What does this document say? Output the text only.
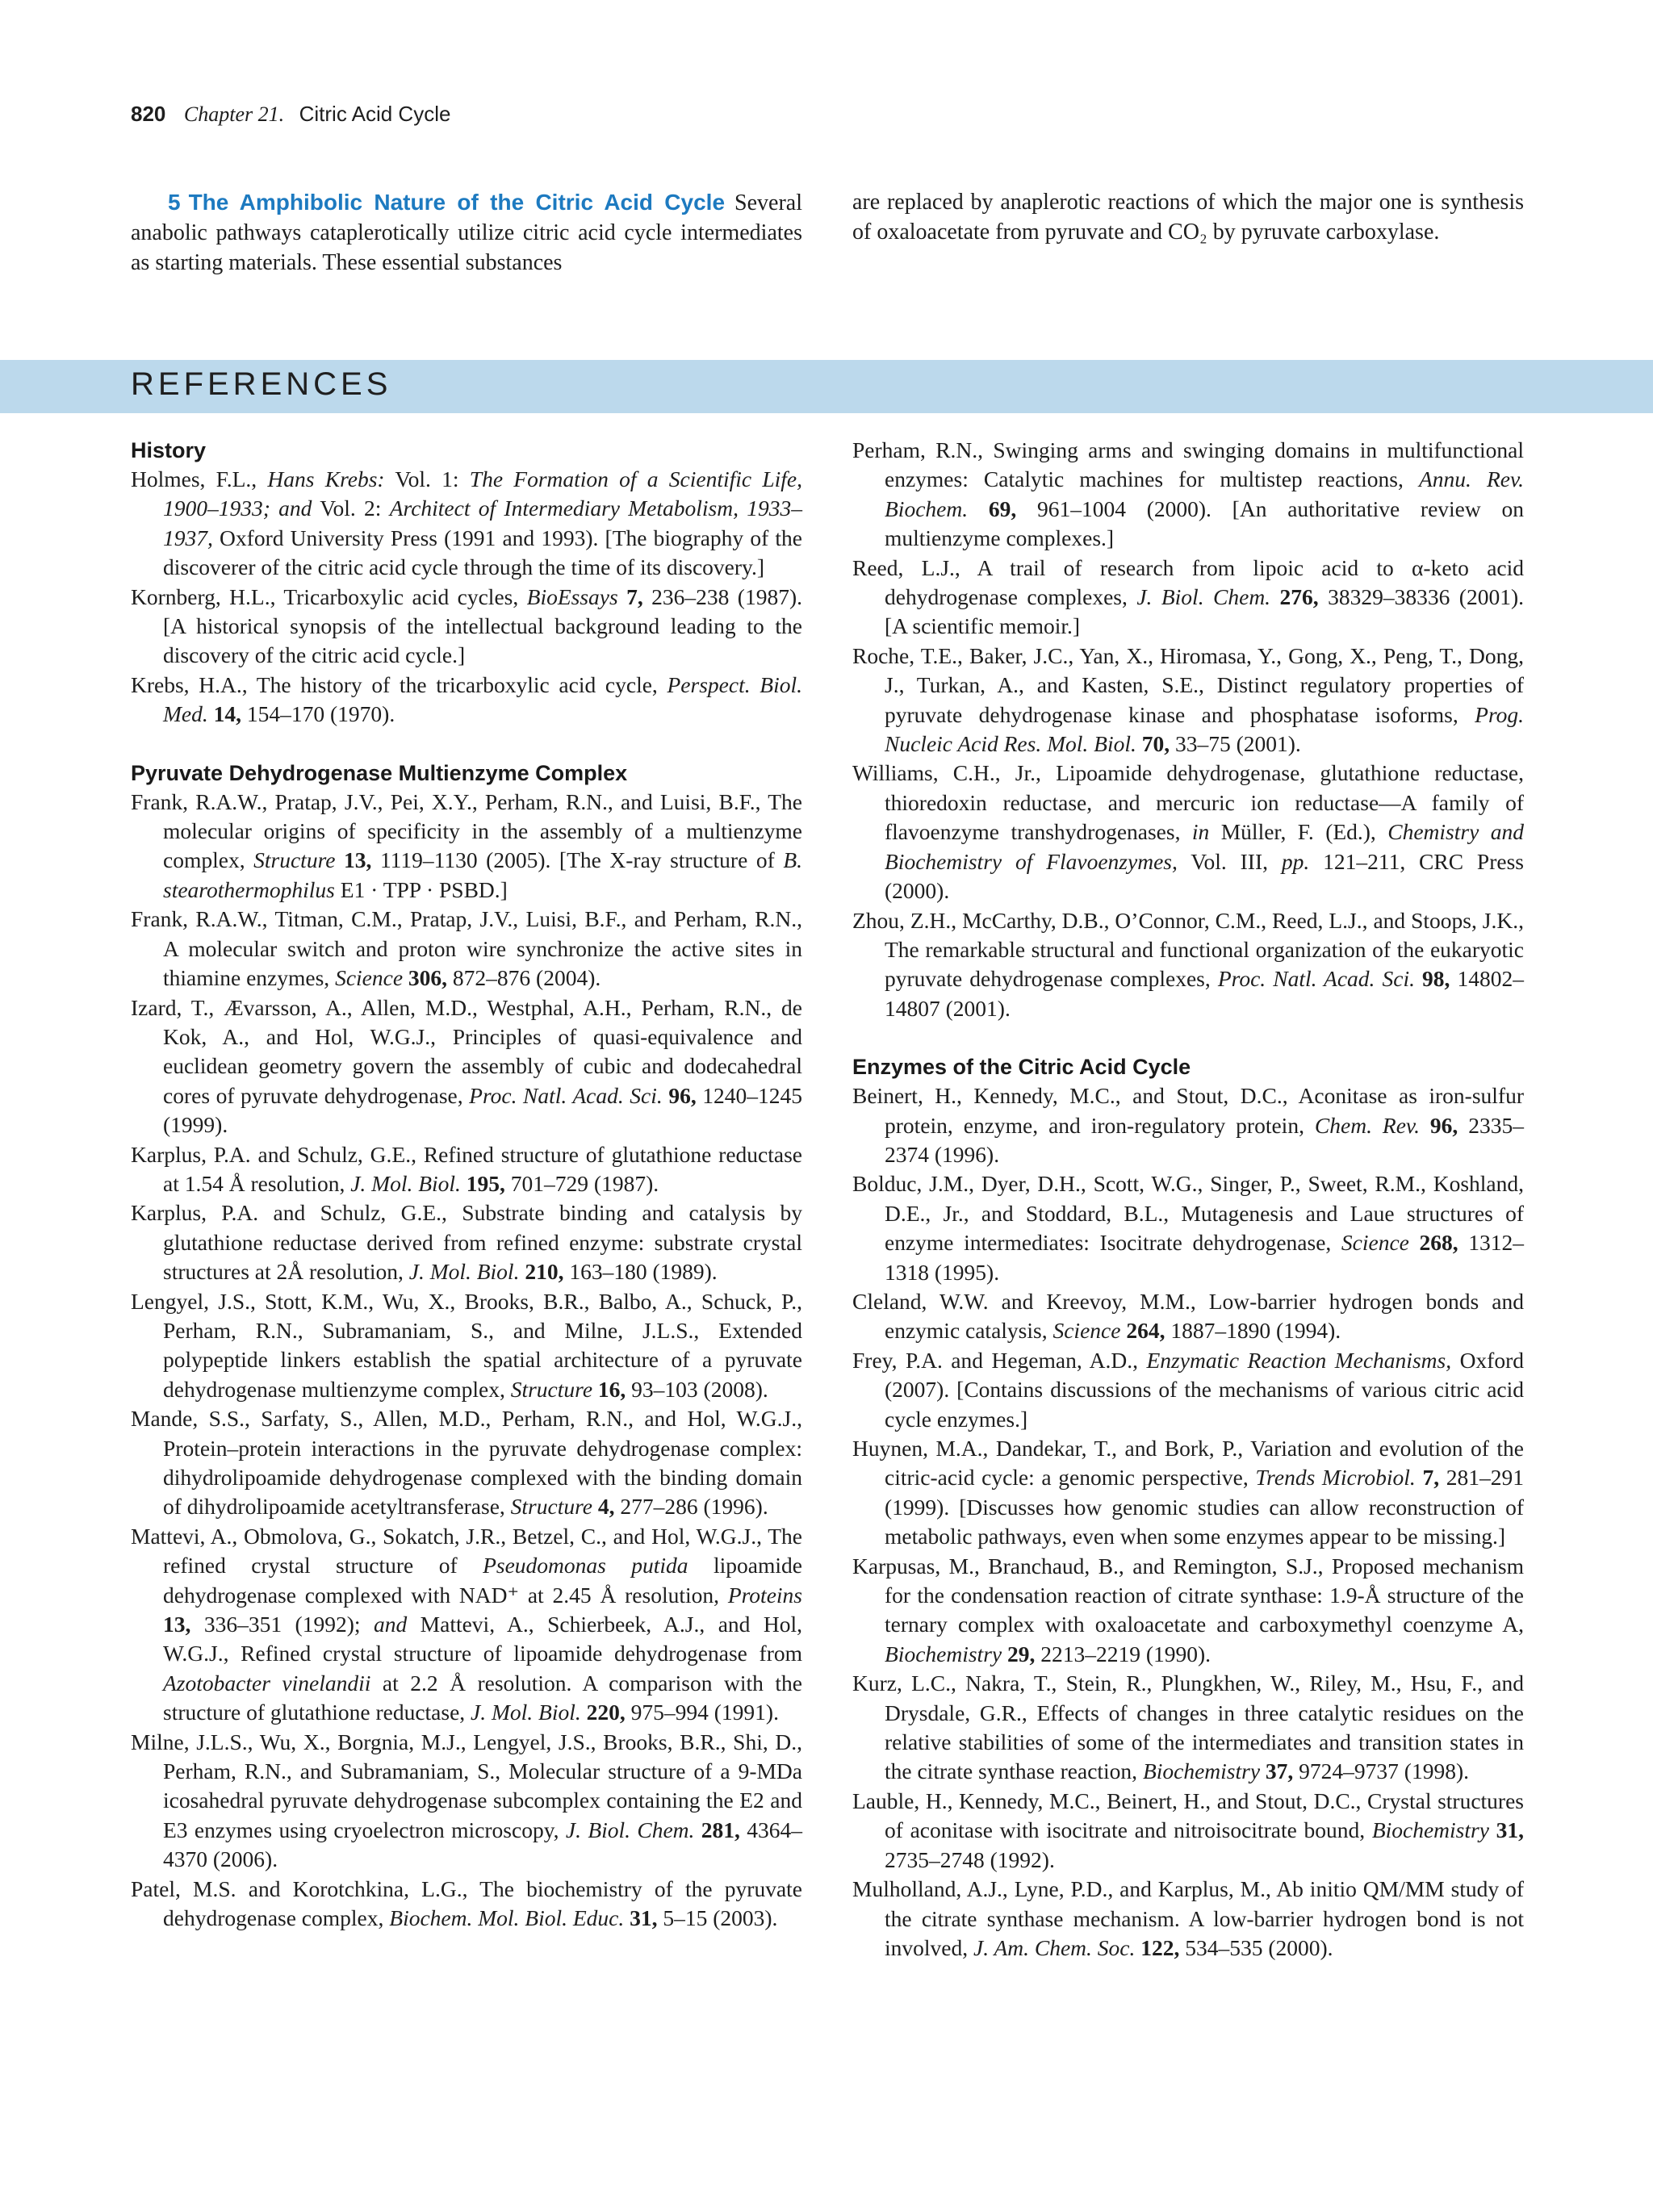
820 Chapter 21. Citric Acid Cycle
5 The Amphibolic Nature of the Citric Acid Cycle Several anabolic pathways cataplerotically utilize citric acid cycle intermediates as starting materials. These essential substances
are replaced by anaplerotic reactions of which the major one is synthesis of oxaloacetate from pyruvate and CO₂ by pyruvate carboxylase.
REFERENCES
History

Holmes, F.L., Hans Krebs: Vol. 1: The Formation of a Scientific Life, 1900–1933; and Vol. 2: Architect of Intermediary Metabolism, 1933–1937, Oxford University Press (1991 and 1993). [The biography of the discoverer of the citric acid cycle through the time of its discovery.]

Kornberg, H.L., Tricarboxylic acid cycles, BioEssays 7, 236–238 (1987). [A historical synopsis of the intellectual background leading to the discovery of the citric acid cycle.]

Krebs, H.A., The history of the tricarboxylic acid cycle, Perspect. Biol. Med. 14, 154–170 (1970).

Pyruvate Dehydrogenase Multienzyme Complex

Frank, R.A.W., Pratap, J.V., Pei, X.Y., Perham, R.N., and Luisi, B.F., The molecular origins of specificity in the assembly of a multienzyme complex, Structure 13, 1119–1130 (2005). [The X-ray structure of B. stearothermophilus E1 · TPP · PSBD.]

Frank, R.A.W., Titman, C.M., Pratap, J.V., Luisi, B.F., and Perham, R.N., A molecular switch and proton wire synchronize the active sites in thiamine enzymes, Science 306, 872–876 (2004).

Izard, T., Ævarsson, A., Allen, M.D., Westphal, A.H., Perham, R.N., de Kok, A., and Hol, W.G.J., Principles of quasi-equivalence and euclidean geometry govern the assembly of cubic and dodecahedral cores of pyruvate dehydrogenase, Proc. Natl. Acad. Sci. 96, 1240–1245 (1999).

Karplus, P.A. and Schulz, G.E., Refined structure of glutathione reductase at 1.54 Å resolution, J. Mol. Biol. 195, 701–729 (1987).

Karplus, P.A. and Schulz, G.E., Substrate binding and catalysis by glutathione reductase derived from refined enzyme: substrate crystal structures at 2Å resolution, J. Mol. Biol. 210, 163–180 (1989).

Lengyel, J.S., Stott, K.M., Wu, X., Brooks, B.R., Balbo, A., Schuck, P., Perham, R.N., Subramaniam, S., and Milne, J.L.S., Extended polypeptide linkers establish the spatial architecture of a pyruvate dehydrogenase multienzyme complex, Structure 16, 93–103 (2008).

Mande, S.S., Sarfaty, S., Allen, M.D., Perham, R.N., and Hol, W.G.J., Protein–protein interactions in the pyruvate dehydrogenase complex: dihydrolipoamide dehydrogenase complexed with the binding domain of dihydrolipoamide acetyltransferase, Structure 4, 277–286 (1996).

Mattevi, A., Obmolova, G., Sokatch, J.R., Betzel, C., and Hol, W.G.J., The refined crystal structure of Pseudomonas putida lipoamide dehydrogenase complexed with NAD⁺ at 2.45 Å resolution, Proteins 13, 336–351 (1992); and Mattevi, A., Schierbeek, A.J., and Hol, W.G.J., Refined crystal structure of lipoamide dehydrogenase from Azotobacter vinelandii at 2.2 Å resolution. A comparison with the structure of glutathione reductase, J. Mol. Biol. 220, 975–994 (1991).

Milne, J.L.S., Wu, X., Borgnia, M.J., Lengyel, J.S., Brooks, B.R., Shi, D., Perham, R.N., and Subramaniam, S., Molecular structure of a 9-MDa icosahedral pyruvate dehydrogenase subcomplex containing the E2 and E3 enzymes using cryoelectron microscopy, J. Biol. Chem. 281, 4364–4370 (2006).

Patel, M.S. and Korotchkina, L.G., The biochemistry of the pyruvate dehydrogenase complex, Biochem. Mol. Biol. Educ. 31, 5–15 (2003).

Perham, R.N., Swinging arms and swinging domains in multifunctional enzymes: Catalytic machines for multistep reactions, Annu. Rev. Biochem. 69, 961–1004 (2000). [An authoritative review on multienzyme complexes.]

Reed, L.J., A trail of research from lipoic acid to α-keto acid dehydrogenase complexes, J. Biol. Chem. 276, 38329–38336 (2001). [A scientific memoir.]

Roche, T.E., Baker, J.C., Yan, X., Hiromasa, Y., Gong, X., Peng, T., Dong, J., Turkan, A., and Kasten, S.E., Distinct regulatory properties of pyruvate dehydrogenase kinase and phosphatase isoforms, Prog. Nucleic Acid Res. Mol. Biol. 70, 33–75 (2001).

Williams, C.H., Jr., Lipoamide dehydrogenase, glutathione reductase, thioredoxin reductase, and mercuric ion reductase—A family of flavoenzyme transhydrogenases, in Müller, F. (Ed.), Chemistry and Biochemistry of Flavoenzymes, Vol. III, pp. 121–211, CRC Press (2000).

Zhou, Z.H., McCarthy, D.B., O’Connor, C.M., Reed, L.J., and Stoops, J.K., The remarkable structural and functional organization of the eukaryotic pyruvate dehydrogenase complexes, Proc. Natl. Acad. Sci. 98, 14802–14807 (2001).

Enzymes of the Citric Acid Cycle

Beinert, H., Kennedy, M.C., and Stout, D.C., Aconitase as iron-sulfur protein, enzyme, and iron-regulatory protein, Chem. Rev. 96, 2335–2374 (1996).

Bolduc, J.M., Dyer, D.H., Scott, W.G., Singer, P., Sweet, R.M., Koshland, D.E., Jr., and Stoddard, B.L., Mutagenesis and Laue structures of enzyme intermediates: Isocitrate dehydrogenase, Science 268, 1312–1318 (1995).

Cleland, W.W. and Kreevoy, M.M., Low-barrier hydrogen bonds and enzymic catalysis, Science 264, 1887–1890 (1994).

Frey, P.A. and Hegeman, A.D., Enzymatic Reaction Mechanisms, Oxford (2007). [Contains discussions of the mechanisms of various citric acid cycle enzymes.]

Huynen, M.A., Dandekar, T., and Bork, P., Variation and evolution of the citric-acid cycle: a genomic perspective, Trends Microbiol. 7, 281–291 (1999). [Discusses how genomic studies can allow reconstruction of metabolic pathways, even when some enzymes appear to be missing.]

Karpusas, M., Branchaud, B., and Remington, S.J., Proposed mechanism for the condensation reaction of citrate synthase: 1.9-Å structure of the ternary complex with oxaloacetate and carboxymethyl coenzyme A, Biochemistry 29, 2213–2219 (1990).

Kurz, L.C., Nakra, T., Stein, R., Plungkhen, W., Riley, M., Hsu, F., and Drysdale, G.R., Effects of changes in three catalytic residues on the relative stabilities of some of the intermediates and transition states in the citrate synthase reaction, Biochemistry 37, 9724–9737 (1998).

Lauble, H., Kennedy, M.C., Beinert, H., and Stout, D.C., Crystal structures of aconitase with isocitrate and nitroisocitrate bound, Biochemistry 31, 2735–2748 (1992).

Mulholland, A.J., Lyne, P.D., and Karplus, M., Ab initio QM/MM study of the citrate synthase mechanism. A low-barrier hydrogen bond is not involved, J. Am. Chem. Soc. 122, 534–535 (2000).
